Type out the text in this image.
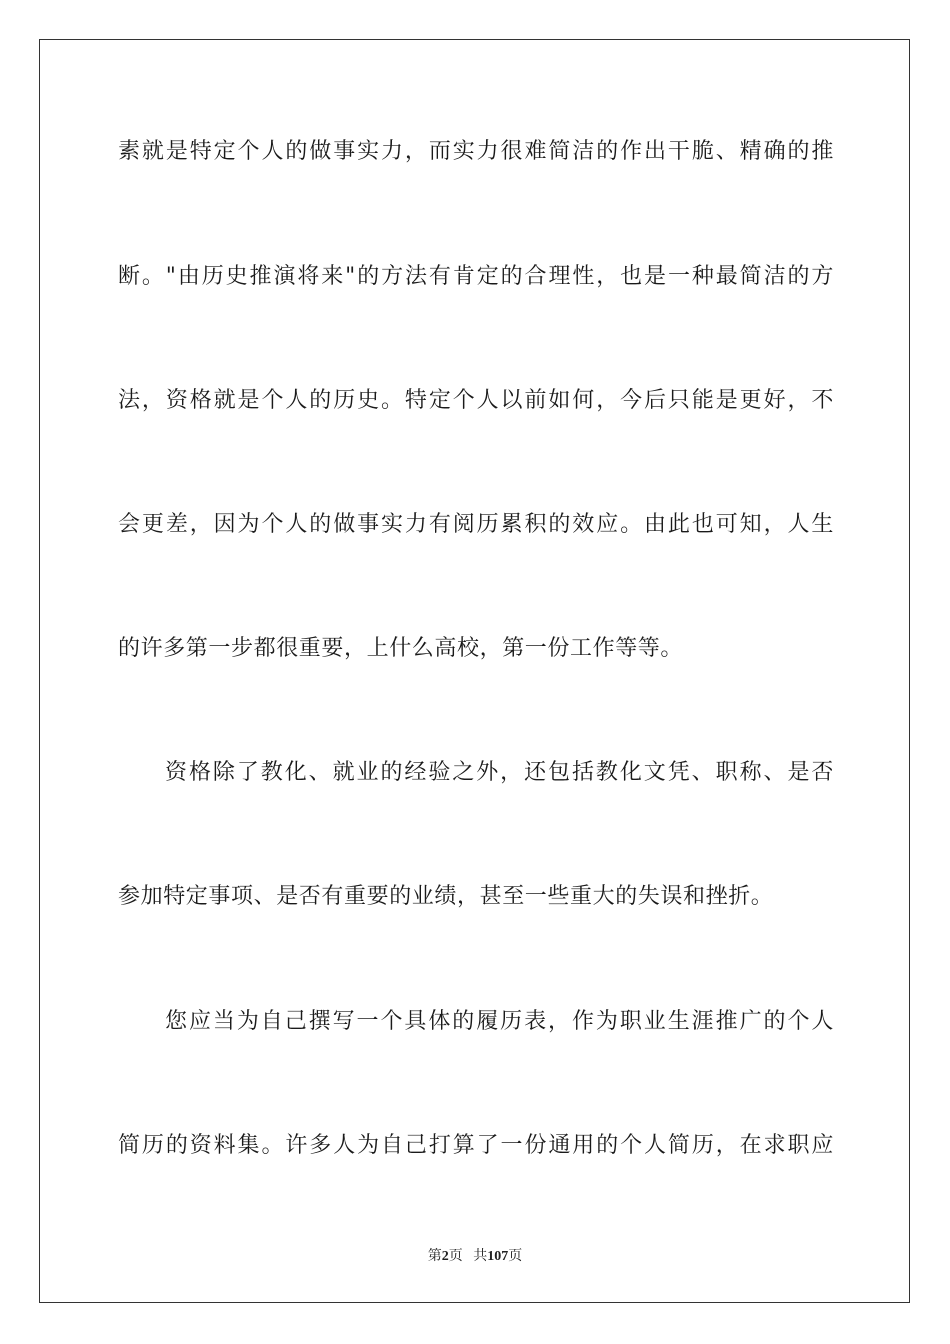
素就是特定个人的做事实力，而实力很难简洁的作出干脆、精确的推
断。"由历史推演将来"的方法有肯定的合理性，也是一种最简洁的方
法，资格就是个人的历史。特定个人以前如何，今后只能是更好，不
会更差，因为个人的做事实力有阅历累积的效应。由此也可知，人生
的许多第一步都很重要，上什么高校，第一份工作等等。
资格除了教化、就业的经验之外，还包括教化文凭、职称、是否
参加特定事项、是否有重要的业绩，甚至一些重大的失误和挫折。
您应当为自己撰写一个具体的履历表，作为职业生涯推广的个人
简历的资料集。许多人为自己打算了一份通用的个人简历，在求职应
第2页 共107页
